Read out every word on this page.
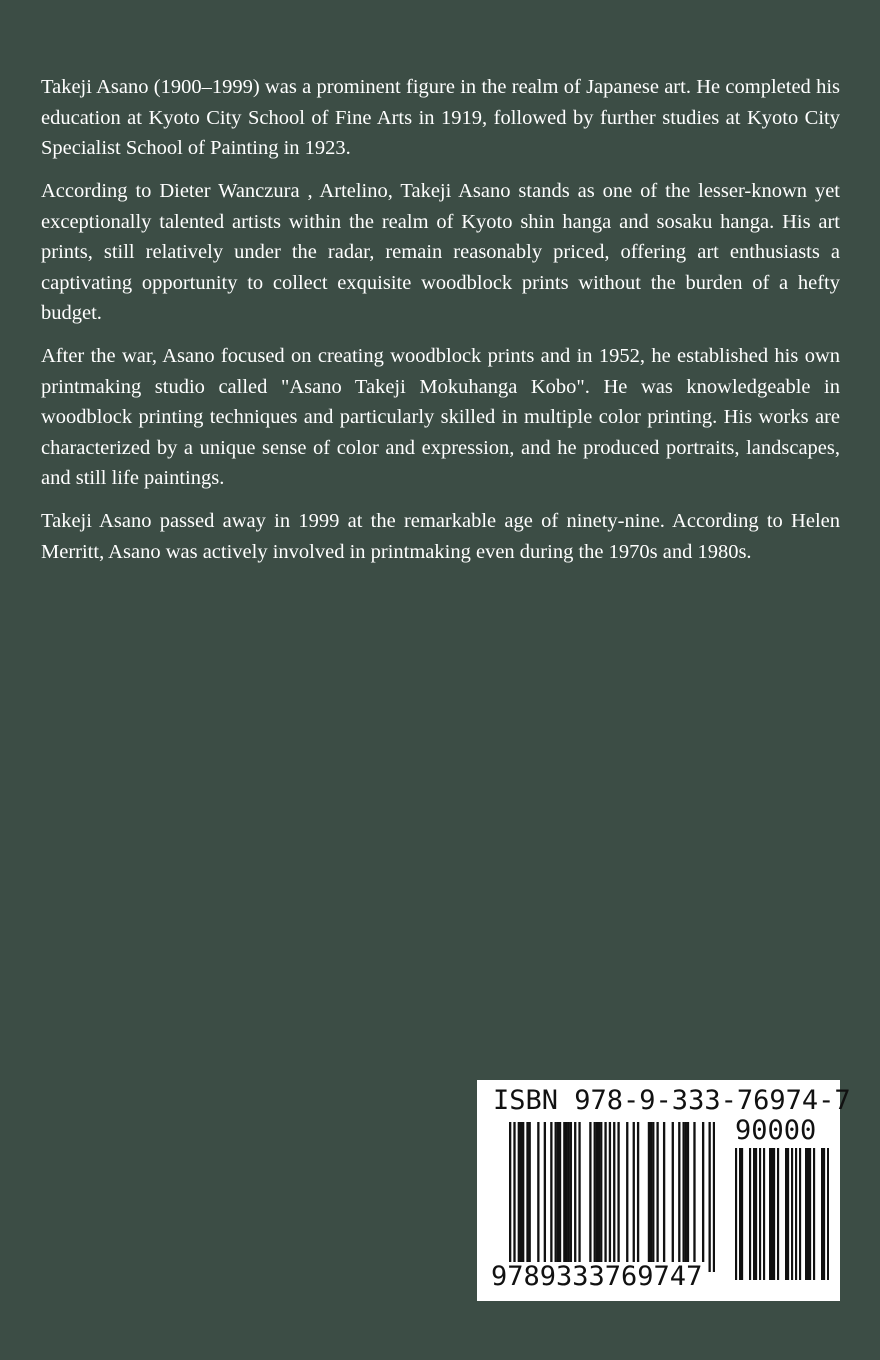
Takeji Asano (1900–1999) was a prominent figure in the realm of Japanese art. He completed his education at Kyoto City School of Fine Arts in 1919, followed by further studies at Kyoto City Specialist School of Painting in 1923.

According to Dieter Wanczura , Artelino, Takeji Asano stands as one of the lesser-known yet exceptionally talented artists within the realm of Kyoto shin hanga and sosaku hanga. His art prints, still relatively under the radar, remain reasonably priced, offering art enthusiasts a captivating opportunity to collect exquisite woodblock prints without the burden of a hefty budget.

After the war, Asano focused on creating woodblock prints and in 1952, he established his own printmaking studio called "Asano Takeji Mokuhanga Kobo". He was knowledgeable in woodblock printing techniques and particularly skilled in multiple color printing. His works are characterized by a unique sense of color and expression, and he produced portraits, landscapes, and still life paintings.

Takeji Asano passed away in 1999 at the remarkable age of ninety-nine. According to Helen Merritt, Asano was actively involved in printmaking even during the 1970s and 1980s.

ISBN 978-9-333-76974-7
90000
9789333769747
